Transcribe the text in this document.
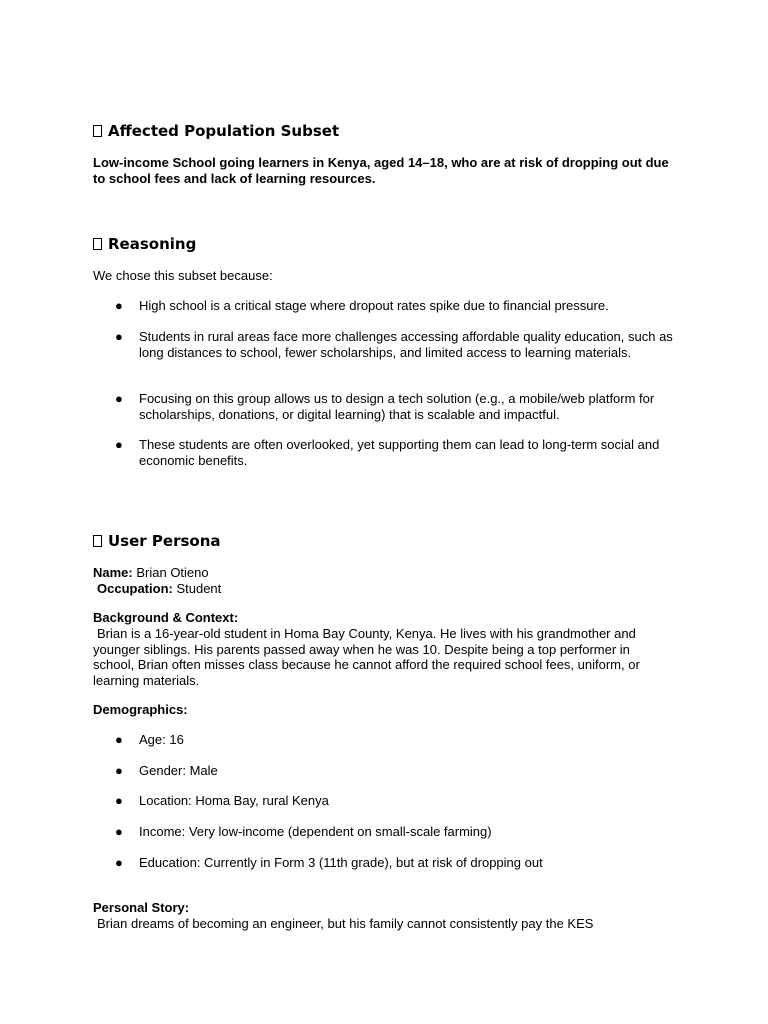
Affected Population Subset
Low-income School going learners in Kenya, aged 14–18, who are at risk of dropping out due to school fees and lack of learning resources.
Reasoning
We chose this subset because:
● High school is a critical stage where dropout rates spike due to financial pressure.
● Students in rural areas face more challenges accessing affordable quality education, such as long distances to school, fewer scholarships, and limited access to learning materials.
● Focusing on this group allows us to design a tech solution (e.g., a mobile/web platform for scholarships, donations, or digital learning) that is scalable and impactful.
● These students are often overlooked, yet supporting them can lead to long-term social and economic benefits.
User Persona
Name: Brian Otieno
Occupation: Student
Background & Context:
Brian is a 16-year-old student in Homa Bay County, Kenya. He lives with his grandmother and younger siblings. His parents passed away when he was 10. Despite being a top performer in school, Brian often misses class because he cannot afford the required school fees, uniform, or learning materials.
Demographics:
● Age: 16
● Gender: Male
● Location: Homa Bay, rural Kenya
● Income: Very low-income (dependent on small-scale farming)
● Education: Currently in Form 3 (11th grade), but at risk of dropping out
Personal Story:
Brian dreams of becoming an engineer, but his family cannot consistently pay the KES
